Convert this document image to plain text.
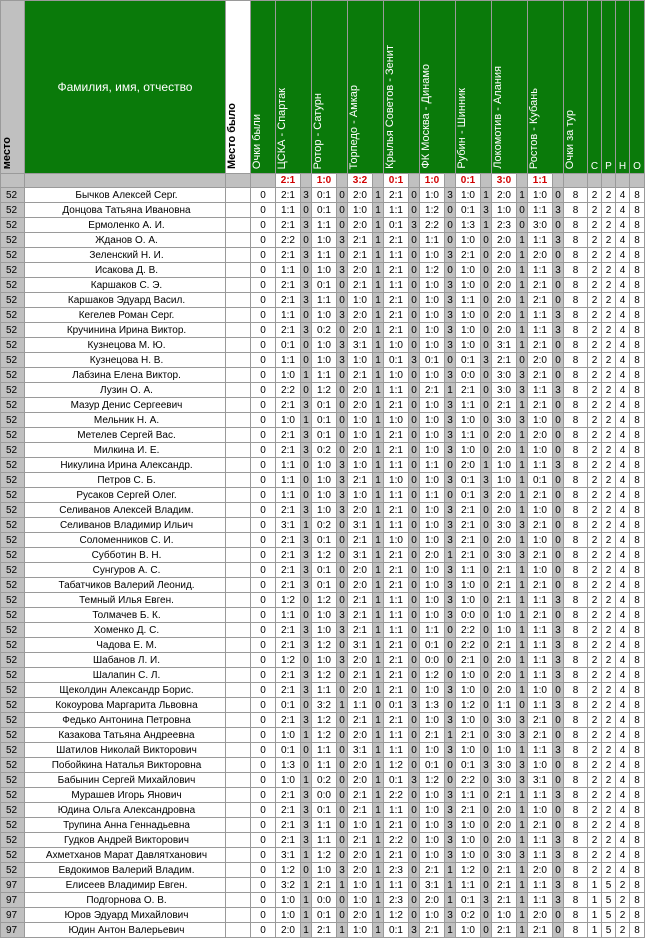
место	Фамилия, имя, отчество	Место было	Очки были	ЦСКА - Спартак		Ротор - Сатурн		Торпедо - Амкар		Крылья Советов - Зенит		ФК Москва - Динамо		Рубин - Шинник		Локомотив - Алания		Ростов - Кубань		Очки за тур	С	Р	Н	О
				2:1		1:0		3:2		0:1		1:0		0:1		3:0		1:1						
52	Бычков Алексей Серг.		0	2:1	3	0:1	0	2:0	1	2:1	0	1:0	3	1:0	1	2:0	1	1:0	0	8	2	2	4	8
52	Донцова Татьяна Ивановна		0	1:1	0	0:1	0	1:0	1	1:1	0	1:2	0	0:1	3	1:0	0	1:1	3	8	2	2	4	8
52	Ермоленко А. И.		0	2:1	3	1:1	0	2:0	1	0:1	3	2:2	0	1:3	1	2:3	0	3:0	0	8	2	2	4	8
52	Жданов О. А.		0	2:2	0	1:0	3	2:1	1	2:1	0	1:1	0	1:0	0	2:0	1	1:1	3	8	2	2	4	8
52	Зеленский Н. И.		0	2:1	3	1:1	0	2:1	1	1:1	0	1:0	3	2:1	0	2:0	1	2:0	0	8	2	2	4	8
52	Исакова Д. В.		0	1:1	0	1:0	3	2:0	1	2:1	0	1:2	0	1:0	0	2:0	1	1:1	3	8	2	2	4	8
52	Каршаков С. Э.		0	2:1	3	0:1	0	2:1	1	1:1	0	1:0	3	1:0	0	2:0	1	2:1	0	8	2	2	4	8
52	Каршаков Эдуард Васил.		0	2:1	3	1:1	0	1:0	1	2:1	0	1:0	3	1:1	0	2:0	1	2:1	0	8	2	2	4	8
52	Кегелев Роман Серг.		0	1:1	0	1:0	3	2:0	1	2:1	0	1:0	3	1:0	0	2:0	1	1:1	3	8	2	2	4	8
52	Кручинина Ирина Виктор.		0	2:1	3	0:2	0	2:0	1	2:1	0	1:0	3	1:0	0	2:0	1	1:1	3	8	2	2	4	8
52	Кузнецова М. Ю.		0	0:1	0	1:0	3	3:1	1	1:0	0	1:0	3	1:0	0	3:1	1	2:1	0	8	2	2	4	8
52	Кузнецова Н. В.		0	1:1	0	1:0	3	1:0	1	0:1	3	0:1	0	0:1	3	2:1	0	2:0	0	8	2	2	4	8
52	Лабзина Елена Виктор.		0	1:0	1	1:1	0	2:1	1	1:0	0	1:0	3	0:0	0	3:0	3	2:1	0	8	2	2	4	8
52	Лузин О. А.		0	2:2	0	1:2	0	2:0	1	1:1	0	2:1	1	2:1	0	3:0	3	1:1	3	8	2	2	4	8
52	Мазур Денис Сергеевич		0	2:1	3	0:1	0	2:0	1	2:1	0	1:0	3	1:1	0	2:1	1	2:1	0	8	2	2	4	8
52	Мельник Н. А.		0	1:0	1	0:1	0	1:0	1	1:0	0	1:0	3	1:0	0	3:0	3	1:0	0	8	2	2	4	8
52	Метелев Сергей Вас.		0	2:1	3	0:1	0	1:0	1	2:1	0	1:0	3	1:1	0	2:0	1	2:0	0	8	2	2	4	8
52	Милкина И. Е.		0	2:1	3	0:2	0	2:0	1	2:1	0	1:0	3	1:0	0	2:0	1	1:0	0	8	2	2	4	8
52	Никулина Ирина Александр.		0	1:1	0	1:0	3	1:0	1	1:1	0	1:1	0	2:0	1	1:0	1	1:1	3	8	2	2	4	8
52	Петров С. Б.		0	1:1	0	1:0	3	2:1	1	1:0	0	1:0	3	0:1	3	1:0	1	0:1	0	8	2	2	4	8
52	Русаков Сергей Олег.		0	1:1	0	1:0	3	1:0	1	1:1	0	1:1	0	0:1	3	2:0	1	2:1	0	8	2	2	4	8
52	Селиванов Алексей Владим.		0	2:1	3	1:0	3	2:0	1	2:1	0	1:0	3	2:1	0	2:0	1	1:0	0	8	2	2	4	8
52	Селиванов Владимир Ильич		0	3:1	1	0:2	0	3:1	1	1:1	0	1:0	3	2:1	0	3:0	3	2:1	0	8	2	2	4	8
52	Соломенников С. И.		0	2:1	3	0:1	0	2:1	1	1:0	0	1:0	3	2:1	0	2:0	1	1:0	0	8	2	2	4	8
52	Субботин В. Н.		0	2:1	3	1:2	0	3:1	1	2:1	0	2:0	1	2:1	0	3:0	3	2:1	0	8	2	2	4	8
52	Сунгуров А. С.		0	2:1	3	0:1	0	2:0	1	2:1	0	1:0	3	1:1	0	2:1	1	1:0	0	8	2	2	4	8
52	Табатчиков Валерий Леонид.		0	2:1	3	0:1	0	2:0	1	2:1	0	1:0	3	1:0	0	2:1	1	2:1	0	8	2	2	4	8
52	Темный Илья Евген.		0	1:2	0	1:2	0	2:1	1	1:1	0	1:0	3	1:0	0	2:1	1	1:1	3	8	2	2	4	8
52	Толмачев Б. К.		0	1:1	0	1:0	3	2:1	1	1:1	0	1:0	3	0:0	0	1:0	1	2:1	0	8	2	2	4	8
52	Хоменко Д. С.		0	2:1	3	1:0	3	2:1	1	1:1	0	1:1	0	2:2	0	1:0	1	1:1	3	8	2	2	4	8
52	Чадова Е. М.		0	2:1	3	1:2	0	3:1	1	2:1	0	0:1	0	2:2	0	2:1	1	1:1	3	8	2	2	4	8
52	Шабанов Л. И.		0	1:2	0	1:0	3	2:0	1	2:1	0	0:0	0	2:1	0	2:0	1	1:1	3	8	2	2	4	8
52	Шалапин С. Л.		0	2:1	3	1:2	0	2:1	1	2:1	0	1:2	0	1:0	0	2:0	1	1:1	3	8	2	2	4	8
52	Щеколдин Александр Борис.		0	2:1	3	1:1	0	2:0	1	2:1	0	1:0	3	1:0	0	2:0	1	1:0	0	8	2	2	4	8
52	Кокоурова Маргарита Львовна		0	0:1	0	3:2	1	1:1	0	0:1	3	1:3	0	1:2	0	1:1	0	1:1	3	8	2	2	4	8
52	Федько Антонина Петровна		0	2:1	3	1:2	0	2:1	1	2:1	0	1:0	3	1:0	0	3:0	3	2:1	0	8	2	2	4	8
52	Казакова Татьяна Андреевна		0	1:0	1	1:2	0	2:0	1	1:1	0	2:1	1	2:1	0	3:0	3	2:1	0	8	2	2	4	8
52	Шатилов Николай Викторович		0	0:1	0	1:1	0	3:1	1	1:1	0	1:0	3	1:0	0	1:0	1	1:1	3	8	2	2	4	8
52	Побойкина Наталья Викторовна		0	1:3	0	1:1	0	2:0	1	1:2	0	0:1	0	0:1	3	3:0	3	1:0	0	8	2	2	4	8
52	Бабынин Сергей Михайлович		0	1:0	1	0:2	0	2:0	1	0:1	3	1:2	0	2:2	0	3:0	3	3:1	0	8	2	2	4	8
52	Мурашев Игорь Янович		0	2:1	3	0:0	0	2:1	1	2:2	0	1:0	3	1:1	0	2:1	1	1:1	3	8	2	2	4	8
52	Юдина Ольга Александровна		0	2:1	3	0:1	0	2:1	1	1:1	0	1:0	3	2:1	0	2:0	1	1:0	0	8	2	2	4	8
52	Трупина Анна Геннадьевна		0	2:1	3	1:1	0	1:0	1	2:1	0	1:0	3	1:0	0	2:0	1	2:1	0	8	2	2	4	8
52	Гудков Андрей Викторович		0	2:1	3	1:1	0	2:1	1	2:2	0	1:0	3	1:0	0	2:0	1	1:1	3	8	2	2	4	8
52	Ахметханов Марат Давлятханович		0	3:1	1	1:2	0	2:0	1	2:1	0	1:0	3	1:0	0	3:0	3	1:1	3	8	2	2	4	8
52	Евдокимов Валерий Владим.		0	1:2	0	1:0	3	2:0	1	2:3	0	2:1	1	1:2	0	2:1	1	2:0	0	8	2	2	4	8
97	Елисеев Владимир Евген.		0	3:2	1	2:1	1	1:0	1	1:1	0	3:1	1	1:1	0	2:1	1	1:1	3	8	1	5	2	8
97	Подгорнова О. В.		0	1:0	1	0:0	0	1:0	1	2:3	0	2:0	1	0:1	3	2:1	1	1:1	3	8	1	5	2	8
97	Юров Эдуард Михайлович		0	1:0	1	0:1	0	2:0	1	1:2	0	1:0	3	0:2	0	1:0	1	2:0	0	8	1	5	2	8
97	Юдин Антон Валерьевич		0	2:0	1	2:1	1	1:0	1	0:1	3	2:1	1	1:0	0	2:1	1	2:1	0	8	1	5	2	8
